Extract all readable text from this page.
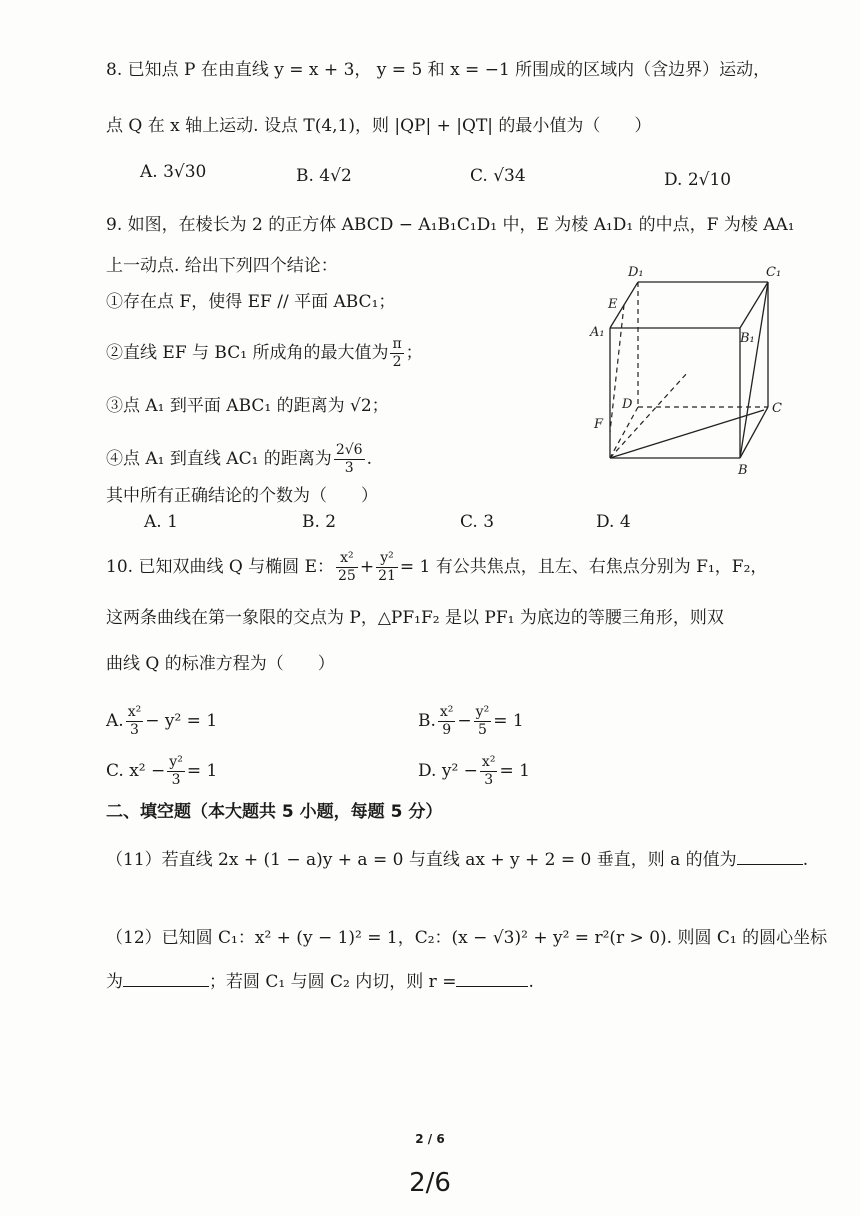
8. 已知点 P 在由直线 y = x + 3， y = 5 和 x = −1 所围成的区域内（含边界）运动，
点 Q 在 x 轴上运动. 设点 T(4,1)，则 |QP| + |QT| 的最小值为（　　）
A. 3√30	B. 4√2	C. √34	D. 2√10
9. 如图，在棱长为 2 的正方体 ABCD − A₁B₁C₁D₁ 中，E 为棱 A₁D₁ 的中点，F 为棱 AA₁
上一动点. 给出下列四个结论：
①存在点 F，使得 EF // 平面 ABC₁；
②直线 EF 与 BC₁ 所成角的最大值为 $\frac{\pi}{2}$ ；
③点 A₁ 到平面 ABC₁ 的距离为 √2；
④点 A₁ 到直线 AC₁ 的距离为 $\frac{2√6}{3}$ .
其中所有正确结论的个数为（　　）
A. 1	B. 2	C. 3	D. 4
D₁	C₁
E
A₁	B₁
D	C
F
B
10. 已知双曲线 Q 与椭圆 E： $\frac{\text{x²}}{25} + \frac{\text{y²}}{21} = 1$ 有公共焦点，且左、右焦点分别为 F₁，F₂，
这两条曲线在第一象限的交点为 P，△PF₁F₂ 是以 PF₁ 为底边的等腰三角形，则双
曲线 Q 的标准方程为（　　）
A. $\frac{\text{x²}}{3} - y^2 = 1$	B. $\frac{\text{x²}}{9} - \frac{\text{y²}}{5} = 1$
C. $x^2 - \frac{\text{y²}}{3} = 1$	D. $y^2 - \frac{\text{x²}}{3} = 1$
二、填空题（本大题共 5 小题，每题 5 分）
（11）若直线 2x + (1 − a)y + a = 0 与直线 ax + y + 2 = 0 垂直，则 a 的值为	.
（12）已知圆 C₁：x² + (y − 1)² = 1，C₂：(x − √3)² + y² = r²(r > 0). 则圆 C₁ 的圆心坐标
为	；若圆 C₁ 与圆 C₂ 内切，则 r =	.
2 / 6
2/6
